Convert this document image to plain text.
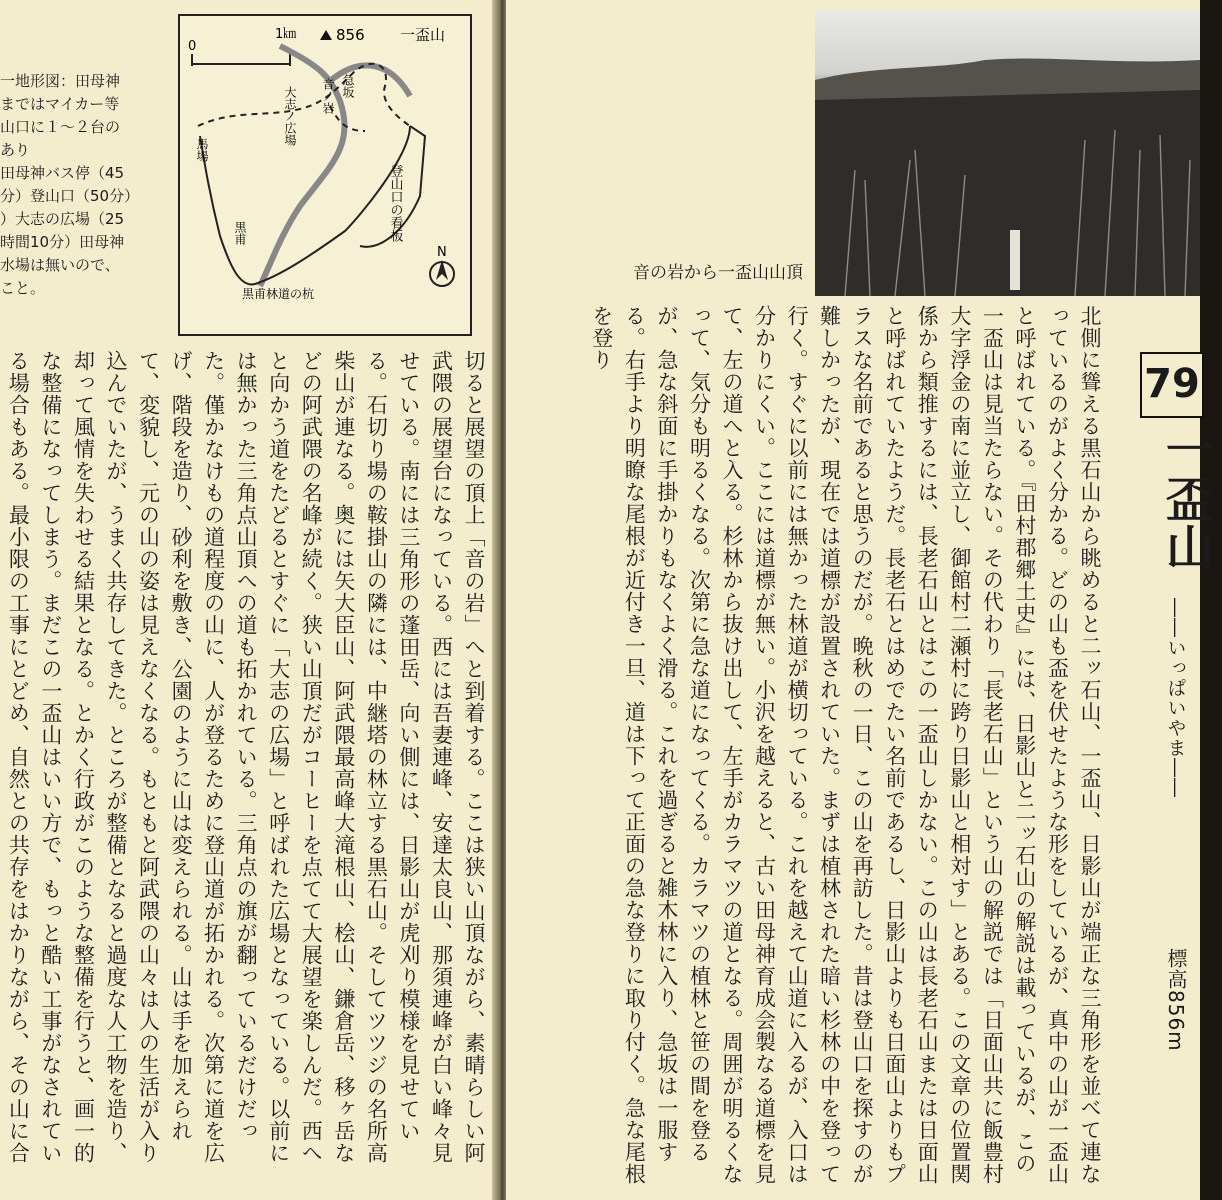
一地形図：田母神
まではマイカー等
山口に１〜２台の
あり
田母神バス停（45
分）登山口（50分）
）大志の広場（25
時間10分）田母神
水場は無いので、
こと。
0
1㎞	856 一盃山
急坂
音ノ岩
大志ノ広場
登山口の看板
馬場
黒甫
黒甫林道の杭
N
切ると展望の頂上「音の岩」へと到着する。ここは狭い山頂ながら、素晴らしい阿武隈の展望台になっている。西には吾妻連峰、安達太良山、那須連峰が白い峰々見せている。南には三角形の蓬田岳、向い側には、日影山が虎刈り模様を見せている。石切り場の鞍掛山の隣には、中継塔の林立する黒石山。そしてツツジの名所高柴山が連なる。奥には矢大臣山、阿武隈最高峰大滝根山、桧山、鎌倉岳、移ヶ岳などの阿武隈の名峰が続く。狭い山頂だがコーヒーを点てて大展望を楽しんだ。西へと向かう道をたどるとすぐに「大志の広場」と呼ばれた広場となっている。以前には無かった三角点山頂への道も拓かれている。三角点の旗が翻っているだけだった。僅かなけもの道程度の山に、人が登るために登山道が拓かれる。次第に道を広げ、階段を造り、砂利を敷き、公園のように山は変えられる。山は手を加えられて、変貌し、元の山の姿は見えなくなる。もともと阿武隈の山々は人の生活が入り込んでいたが、うまく共存してきた。ところが整備となると過度な人工物を造り、却って風情を失わせる結果となる。とかく行政がこのような整備を行うと、画一的な整備になってしまう。まだこの一盃山はいい方で、もっと酷い工事がなされている場合もある。最小限の工事にとどめ、自然との共存をはかりながら、その山に合
音の岩から一盃山山頂
79
一盃山
――いっぱいやま――
標高856m
北側に聳える黒石山から眺めると二ッ石山、一盃山、日影山が端正な三角形を並べて連なっているのがよく分かる。どの山も盃を伏せたような形をしているが、真中の山が一盃山と呼ばれている。『田村郡郷土史』には、日影山と二ッ石山の解説は載っているが、この一盃山は見当たらない。その代わり「長老石山」という山の解説では「日面山共に飯豊村大字浮金の南に並立し、御館村二瀬村に跨り日影山と相対す」とある。この文章の位置関係から類推するには、長老石山とはこの一盃山しかない。この山は長老石山または日面山と呼ばれていたようだ。長老石とはめでたい名前であるし、日影山よりも日面山よりもプラスな名前であると思うのだが。晩秋の一日、この山を再訪した。昔は登山口を探すのが難しかったが、現在では道標が設置されていた。まずは植林された暗い杉林の中を登って行く。すぐに以前には無かった林道が横切っている。これを越えて山道に入るが、入口は分かりにくい。ここには道標が無い。小沢を越えると、古い田母神育成会製なる道標を見て、左の道へと入る。杉林から抜け出して、左手がカラマツの道となる。周囲が明るくなって、気分も明るくなる。次第に急な道になってくる。カラマツの植林と笹の間を登るが、急な斜面に手掛かりもなくよく滑る。これを過ぎると雑木林に入り、急坂は一服する。右手より明瞭な尾根が近付き一旦、道は下って正面の急な登りに取り付く。急な尾根を登り
